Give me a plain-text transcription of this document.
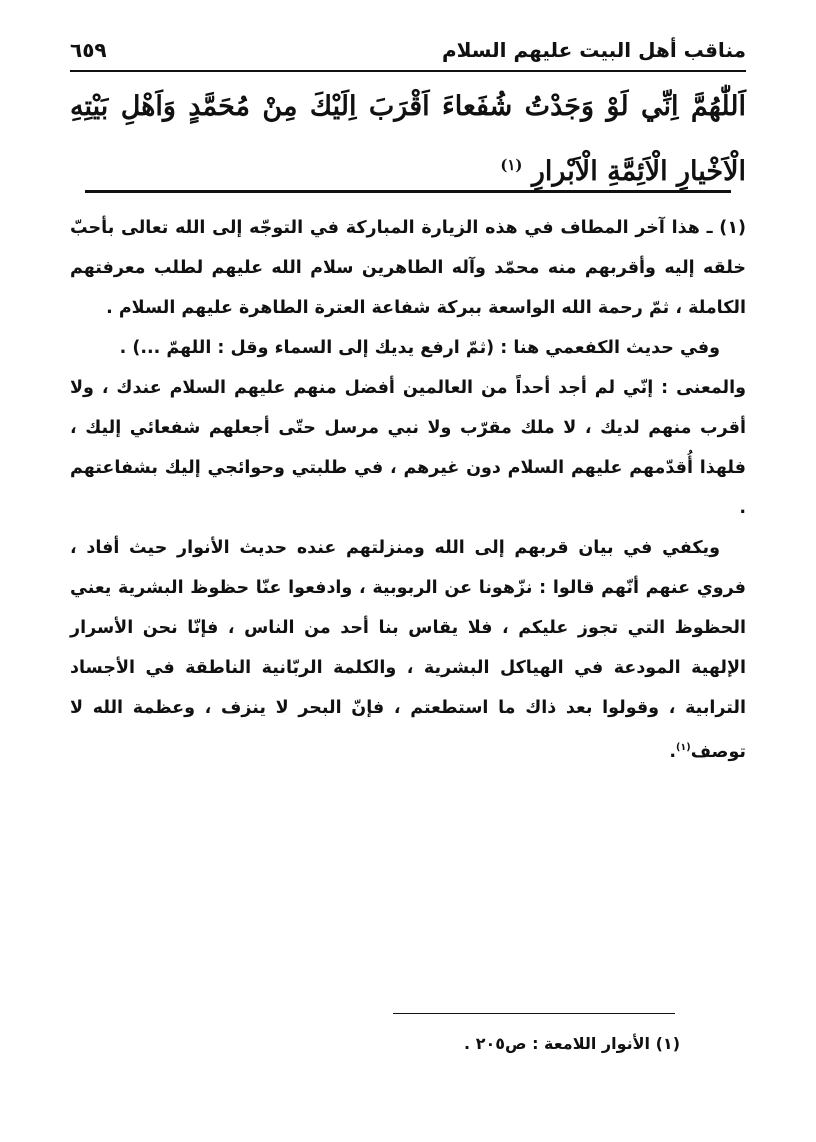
مناقب أهل البيت عليهم السلام
٦٥٩
اَللّٰهُمَّ اِنِّي لَوْ وَجَدْتُ شُفَعاءَ اَقْرَبَ اِلَيْكَ مِنْ مُحَمَّدٍ وَاَهْلِ بَيْتِهِ الْاَخْيارِ الْاَئِمَّةِ الْاَبْرارِ $^{(١)}$

(١) ـ هذا آخر المطاف في هذه الزيارة المباركة في التوجّه إلى الله تعالى بأحبّ خلقه إليه وأقربهم منه محمّد وآله الطاهرين سلام الله عليهم لطلب معرفتهم الكاملة ، ثمّ رحمة الله الواسعة ببركة شفاعة العترة الطاهرة عليهم السلام .

وفي حديث الكفعمي هنا : (ثمّ ارفع يديك إلى السماء وقل : اللهمّ ...) .

والمعنى : إنّي لم أجد أحداً من العالمين أفضل منهم عليهم السلام عندك ، ولا أقرب منهم لديك ، لا ملك مقرّب ولا نبي مرسل حتّى أجعلهم شفعائي إليك ، فلهذا أُقدّمهم عليهم السلام دون غيرهم ، في طلبتي وحوائجي إليك بشفاعتهم .

ويكفي في بيان قربهم إلى الله ومنزلتهم عنده حديث الأنوار حيث أفاد ، فروي عنهم أنّهم قالوا : نزّهونا عن الربوبية ، وادفعوا عنّا حظوظ البشرية يعني الحظوظ التي تجوز عليكم ، فلا يقاس بنا أحد من الناس ، فإنّا نحن الأسرار الإلهية المودعة في الهياكل البشرية ، والكلمة الربّانية الناطقة في الأجساد الترابية ، وقولوا بعد ذاك ما استطعتم ، فإنّ البحر لا ينزف ، وعظمة الله لا توصف$^{(١)}$.

(١) الأنوار اللامعة : ص٢٠٥ .
